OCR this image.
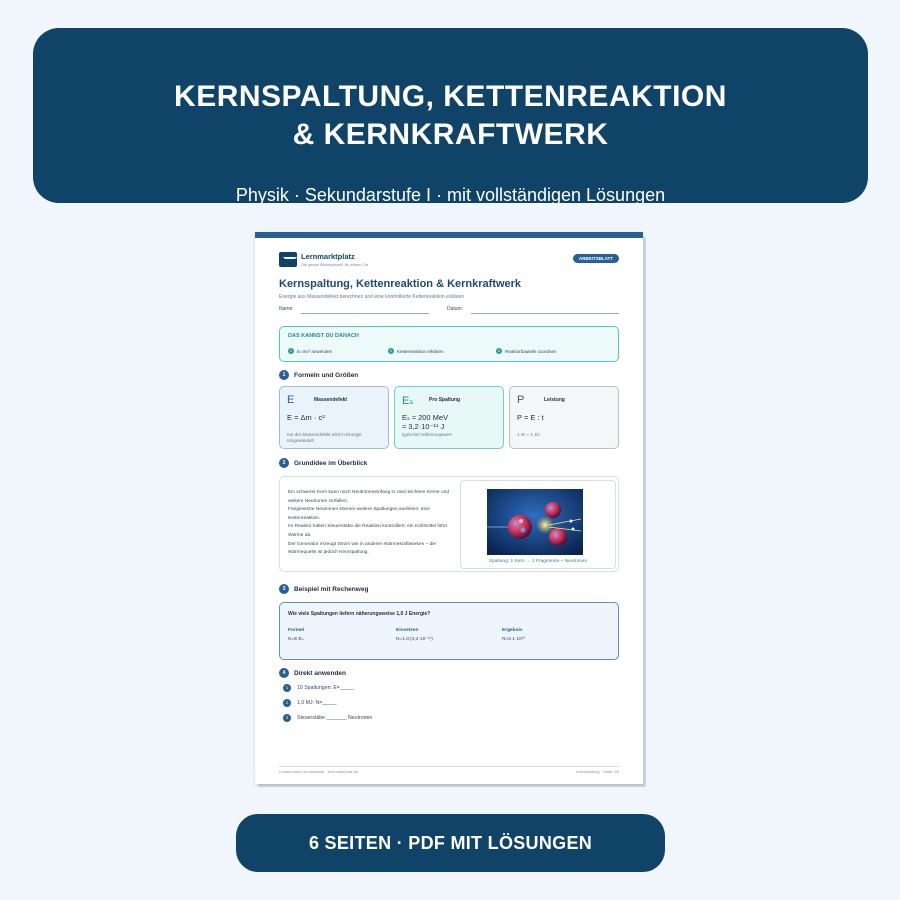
KERNSPALTUNG, KETTENREAKTION
& KERNKRAFTWERK
Physik · Sekundarstufe I · mit vollständigen Lösungen
Lernmarktplatz
Die ganze Bildungswelt. An einem Ort.
ARBEITSBLATT
Kernspaltung, Kettenreaktion & Kernkraftwerk
Energie aus Massendefekt berechnen und eine kontrollierte Kettenreaktion erklären
Name:	Datum:
DAS KANNST DU DANACH
1	E=mc² anwenden	2	Kettenreaktion erklären	3	Reaktorbauteile zuordnen
1	Formeln und Größen
E	Massendefekt
E = Δm · c²
nur der Massendefekt wird in Energie umgewandelt
Eₛ	Pro Spaltung
Eₛ ≈ 200 MeV
≈ 3,2·10⁻¹¹ J
typischer Näherungswert
P	Leistung
P = E : t
1 W = 1 J/s
2	Grundidee im Überblick
Ein schwerer Kern kann nach Neutroneneinfang in zwei leichtere Kerne und weitere Neutronen zerfallen.
Freigesetzte Neutronen können weitere Spaltungen auslösen: eine Kettenreaktion.
Im Reaktor halten Steuerstäbe die Reaktion kontrolliert; ein Kühlmittel führt Wärme ab.
Der Generator erzeugt Strom wie in anderen Wärmekraftwerken – die Wärmequelle ist jedoch Kernspaltung.
Spaltung: 1 Kern → 2 Fragmente + Neutronen
3	Beispiel mit Rechenweg
Wie viele Spaltungen liefern näherungsweise 1,0 J Energie?
Formel
N=E:Eₛ
Einsetzen
N=1,0:(3,2·10⁻¹¹)
Ergebnis
N≈3,1·10¹⁰
4	Direkt anwenden
1	10 Spaltungen: E=_____
2	1,0 MJ: N=_____
3	Steuerstäbe _______ Neutronen
Kostenloses Lernmaterial · lernmarktplatz.de	Kernspaltung · Seite 1/6
6 SEITEN · PDF MIT LÖSUNGEN
